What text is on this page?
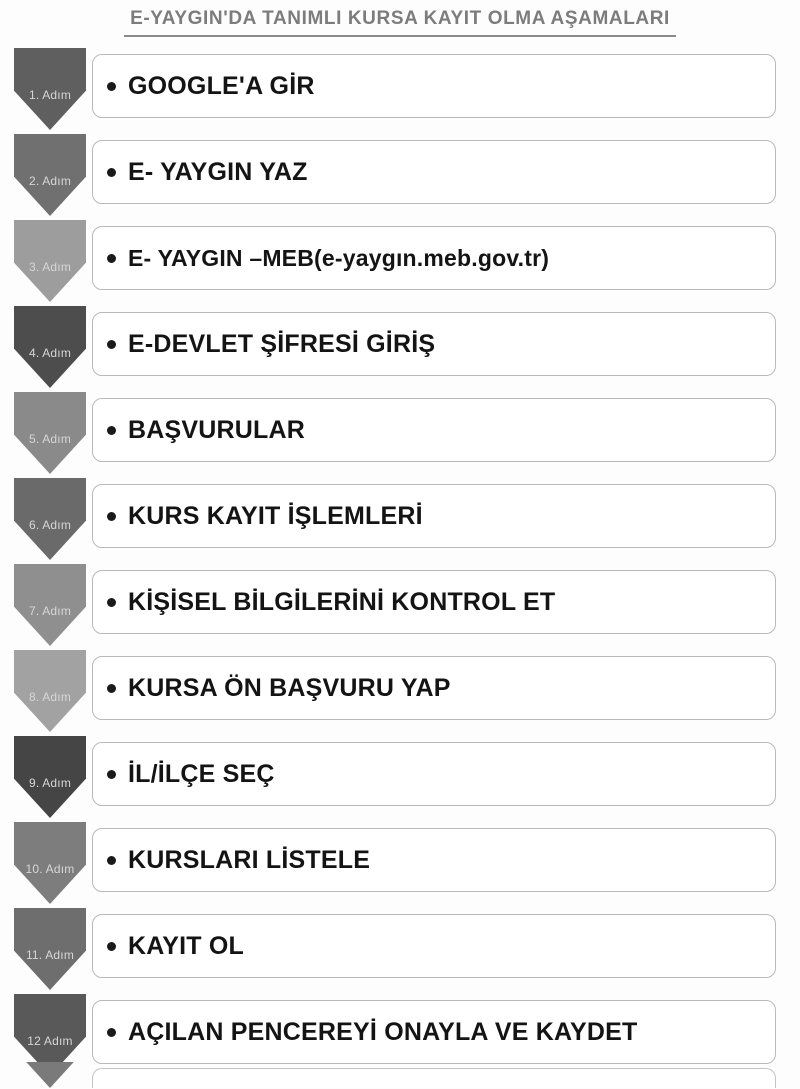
E-YAYGIN'DA TANIMLI KURSA KAYIT OLMA AŞAMALARI
1. Adım	GOOGLE'A GİR
2. Adım	E- YAYGIN YAZ
3. Adım	E- YAYGIN –MEB(e-yaygın.meb.gov.tr)
4. Adım	E-DEVLET ŞİFRESİ GİRİŞ
5. Adım	BAŞVURULAR
6. Adım	KURS KAYIT İŞLEMLERİ
7. Adım	KİŞİSEL BİLGİLERİNİ KONTROL ET
8. Adım	KURSA ÖN BAŞVURU YAP
9. Adım	İL/İLÇE SEÇ
10. Adım	KURSLARI LİSTELE
11. Adım	KAYIT OL
12 Adım	AÇILAN PENCEREYİ ONAYLA VE KAYDET
